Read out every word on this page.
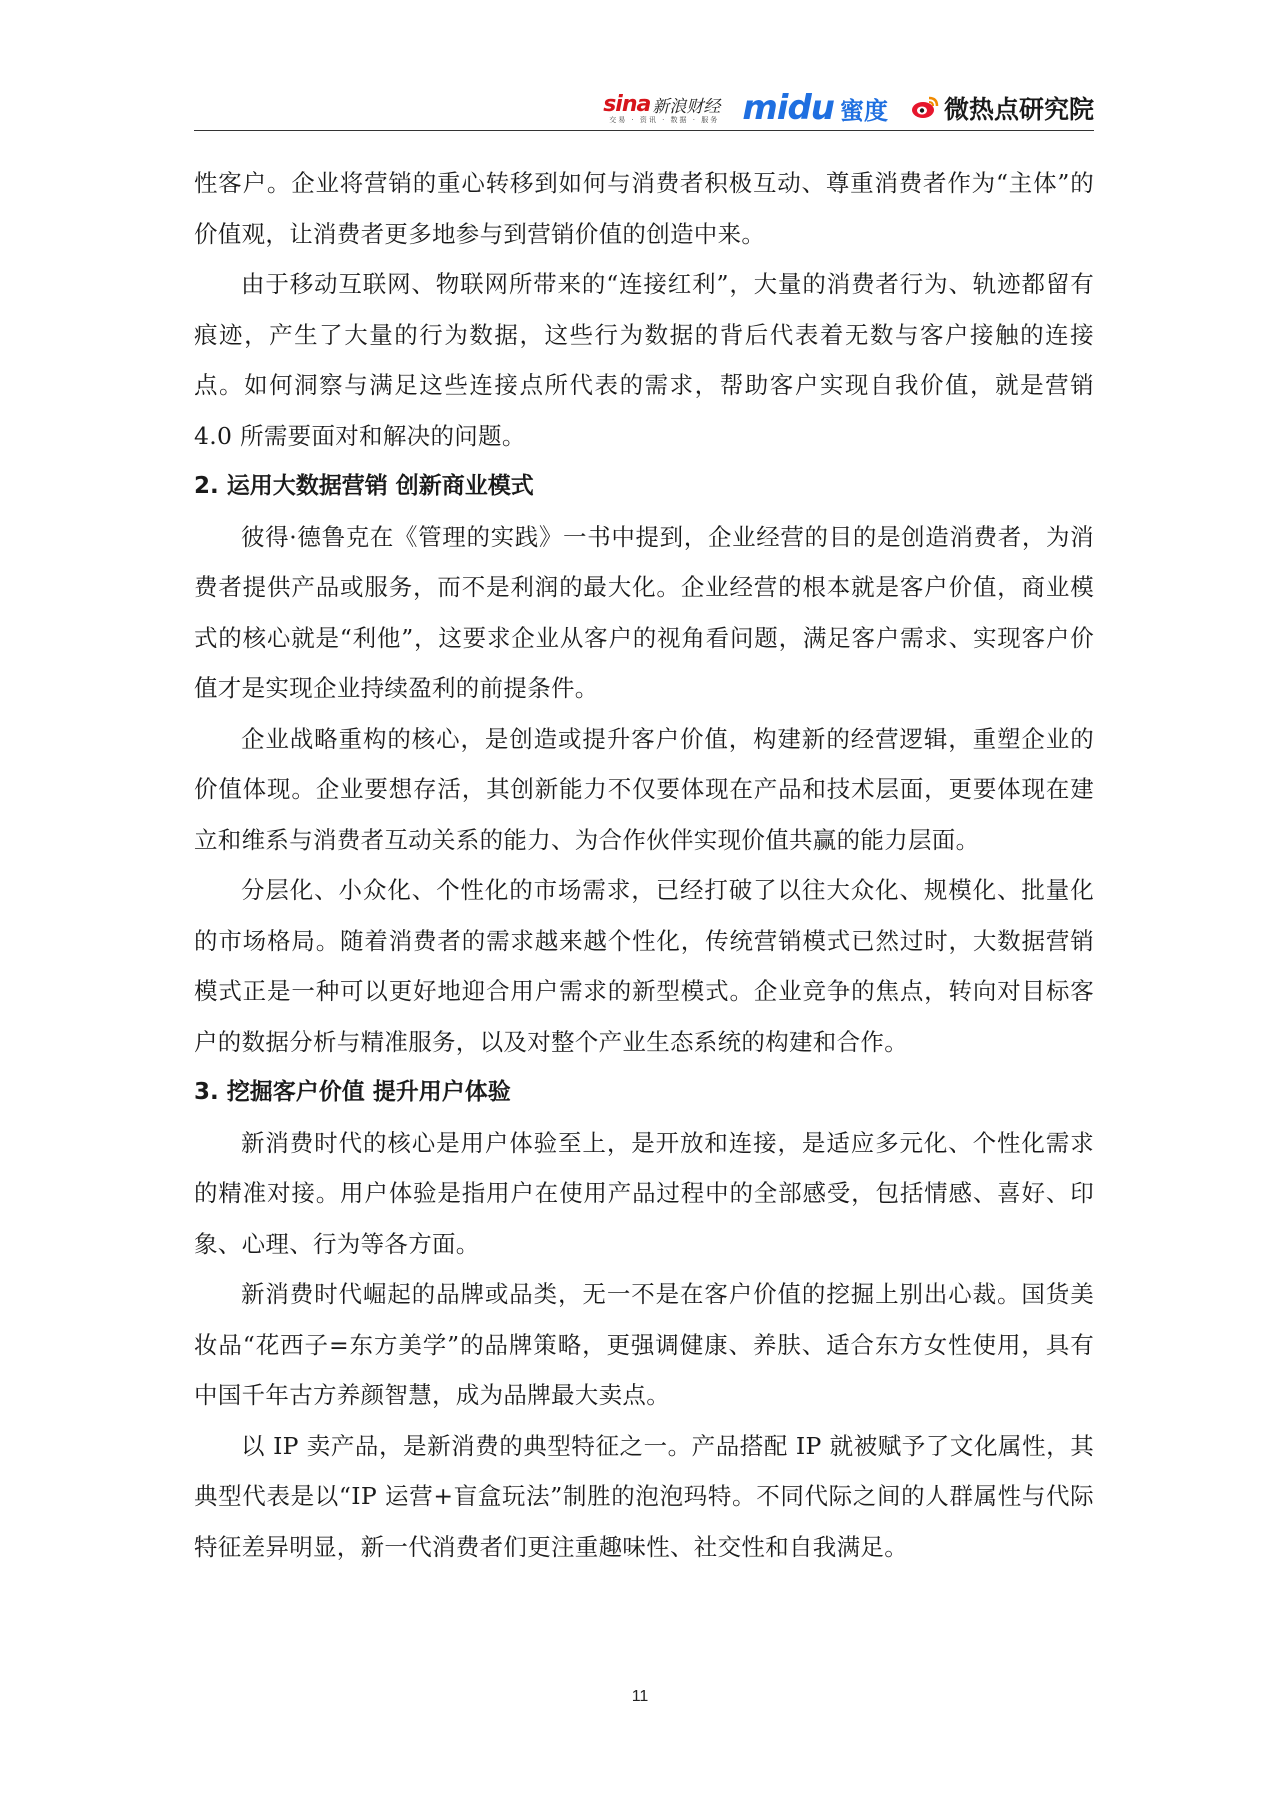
sina 新浪财经
交易 · 资讯 · 数据 · 服务 midu 蜜度 微热点研究院

性客户。企业将营销的重心转移到如何与消费者积极互动、尊重消费者作为“主体”的价值观，让消费者更多地参与到营销价值的创造中来。

由于移动互联网、物联网所带来的“连接红利”，大量的消费者行为、轨迹都留有痕迹，产生了大量的行为数据，这些行为数据的背后代表着无数与客户接触的连接点。如何洞察与满足这些连接点所代表的需求，帮助客户实现自我价值，就是营销 4.0 所需要面对和解决的问题。

2. 运用大数据营销 创新商业模式

彼得·德鲁克在《管理的实践》一书中提到，企业经营的目的是创造消费者，为消费者提供产品或服务，而不是利润的最大化。企业经营的根本就是客户价值，商业模式的核心就是“利他”，这要求企业从客户的视角看问题，满足客户需求、实现客户价值才是实现企业持续盈利的前提条件。

企业战略重构的核心，是创造或提升客户价值，构建新的经营逻辑，重塑企业的价值体现。企业要想存活，其创新能力不仅要体现在产品和技术层面，更要体现在建立和维系与消费者互动关系的能力、为合作伙伴实现价值共赢的能力层面。

分层化、小众化、个性化的市场需求，已经打破了以往大众化、规模化、批量化的市场格局。随着消费者的需求越来越个性化，传统营销模式已然过时，大数据营销模式正是一种可以更好地迎合用户需求的新型模式。企业竞争的焦点，转向对目标客户的数据分析与精准服务，以及对整个产业生态系统的构建和合作。

3. 挖掘客户价值 提升用户体验

新消费时代的核心是用户体验至上，是开放和连接，是适应多元化、个性化需求的精准对接。用户体验是指用户在使用产品过程中的全部感受，包括情感、喜好、印象、心理、行为等各方面。

新消费时代崛起的品牌或品类，无一不是在客户价值的挖掘上别出心裁。国货美妆品“花西子=东方美学”的品牌策略，更强调健康、养肤、适合东方女性使用，具有中国千年古方养颜智慧，成为品牌最大卖点。

以 IP 卖产品，是新消费的典型特征之一。产品搭配 IP 就被赋予了文化属性，其典型代表是以“IP 运营+盲盒玩法”制胜的泡泡玛特。不同代际之间的人群属性与代际特征差异明显，新一代消费者们更注重趣味性、社交性和自我满足。

11
